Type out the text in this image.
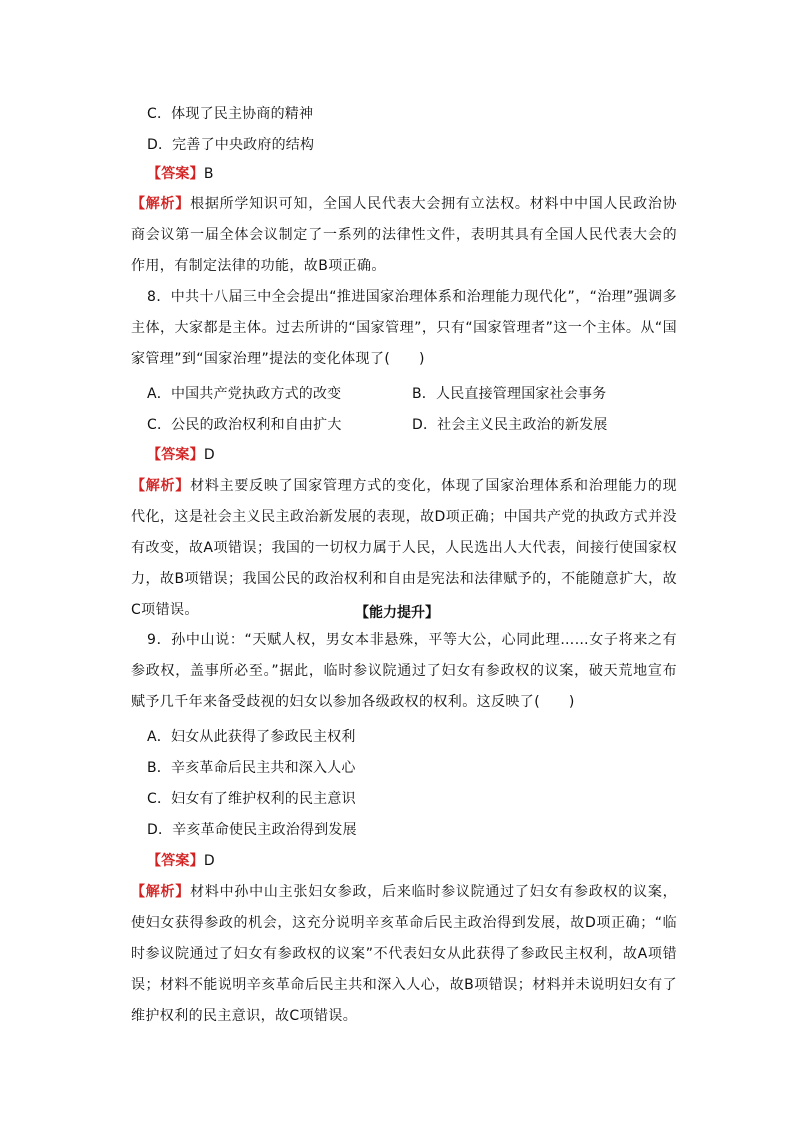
C．体现了民主协商的精神
D．完善了中央政府的结构
【答案】B
【解析】根据所学知识可知，全国人民代表大会拥有立法权。材料中中国人民政治协商会议第一届全体会议制定了一系列的法律性文件，表明其具有全国人民代表大会的作用，有制定法律的功能，故B项正确。
8．中共十八届三中全会提出“推进国家治理体系和治理能力现代化”，“治理”强调多主体，大家都是主体。过去所讲的“国家管理”，只有“国家管理者”这一个主体。从“国家管理”到“国家治理”提法的变化体现了(　　)
A．中国共产党执政方式的改变	B．人民直接管理国家社会事务
C．公民的政治权利和自由扩大	D．社会主义民主政治的新发展
【答案】D
【解析】材料主要反映了国家管理方式的变化，体现了国家治理体系和治理能力的现代化，这是社会主义民主政治新发展的表现，故D项正确；中国共产党的执政方式并没有改变，故A项错误；我国的一切权力属于人民，人民选出人大代表，间接行使国家权力，故B项错误；我国公民的政治权利和自由是宪法和法律赋予的，不能随意扩大，故C项错误。	【能力提升】
9．孙中山说：“天赋人权，男女本非悬殊，平等大公，心同此理……女子将来之有参政权，盖事所必至。”据此，临时参议院通过了妇女有参政权的议案，破天荒地宣布赋予几千年来备受歧视的妇女以参加各级政权的权利。这反映了(　　)
A．妇女从此获得了参政民主权利
B．辛亥革命后民主共和深入人心
C．妇女有了维护权利的民主意识
D．辛亥革命使民主政治得到发展
【答案】D
【解析】材料中孙中山主张妇女参政，后来临时参议院通过了妇女有参政权的议案，使妇女获得参政的机会，这充分说明辛亥革命后民主政治得到发展，故D项正确；“临时参议院通过了妇女有参政权的议案”不代表妇女从此获得了参政民主权利，故A项错误；材料不能说明辛亥革命后民主共和深入人心，故B项错误；材料并未说明妇女有了维护权利的民主意识，故C项错误。
